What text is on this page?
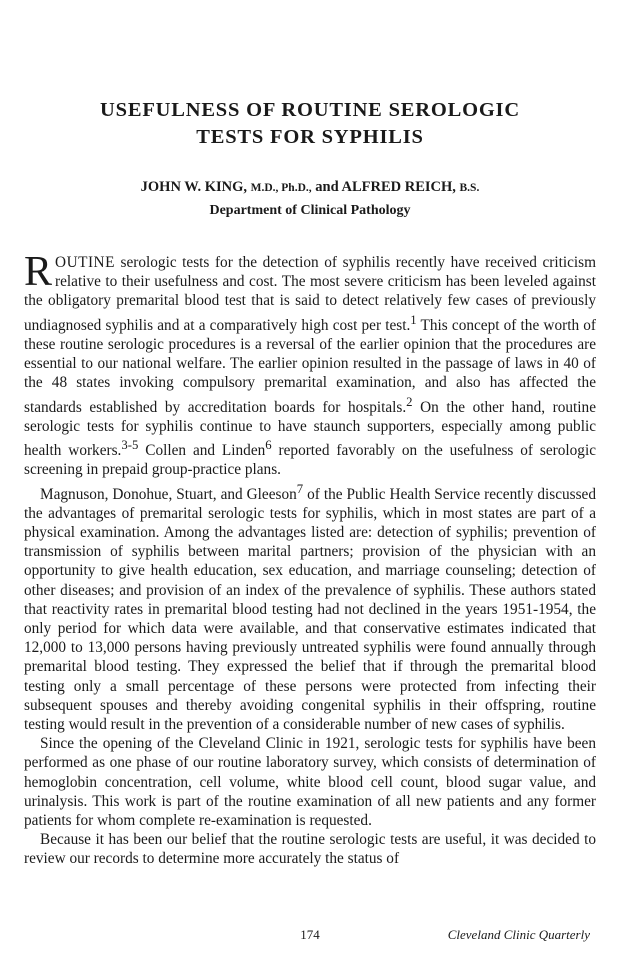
USEFULNESS OF ROUTINE SEROLOGIC
TESTS FOR SYPHILIS
JOHN W. KING, M.D., Ph.D., and ALFRED REICH, B.S.
Department of Clinical Pathology

ROUTINE serologic tests for the detection of syphilis recently have received criticism relative to their usefulness and cost. The most severe criticism has been leveled against the obligatory premarital blood test that is said to detect relatively few cases of previously undiagnosed syphilis and at a comparatively high cost per test.$^1$ This concept of the worth of these routine serologic procedures is a reversal of the earlier opinion that the procedures are essential to our national welfare. The earlier opinion resulted in the passage of laws in 40 of the 48 states invoking compulsory premarital examination, and also has affected the standards established by accreditation boards for hospitals.$^2$ On the other hand, routine serologic tests for syphilis continue to have staunch supporters, especially among public health workers.$^{3-5}$ Collen and Linden$^6$ reported favorably on the usefulness of serologic screening in prepaid group-practice plans.

Magnuson, Donohue, Stuart, and Gleeson$^7$ of the Public Health Service recently discussed the advantages of premarital serologic tests for syphilis, which in most states are part of a physical examination. Among the advantages listed are: detection of syphilis; prevention of transmission of syphilis between marital partners; provision of the physician with an opportunity to give health education, sex education, and marriage counseling; detection of other diseases; and provision of an index of the prevalence of syphilis. These authors stated that reactivity rates in premarital blood testing had not declined in the years 1951-1954, the only period for which data were available, and that conservative estimates indicated that 12,000 to 13,000 persons having previously untreated syphilis were found annually through premarital blood testing. They expressed the belief that if through the premarital blood testing only a small percentage of these persons were protected from infecting their subsequent spouses and thereby avoiding congenital syphilis in their offspring, routine testing would result in the prevention of a considerable number of new cases of syphilis.

Since the opening of the Cleveland Clinic in 1921, serologic tests for syphilis have been performed as one phase of our routine laboratory survey, which consists of determination of hemoglobin concentration, cell volume, white blood cell count, blood sugar value, and urinalysis. This work is part of the routine examination of all new patients and any former patients for whom complete re-examination is requested.

Because it has been our belief that the routine serologic tests are useful, it was decided to review our records to determine more accurately the status of

174	Cleveland Clinic Quarterly
